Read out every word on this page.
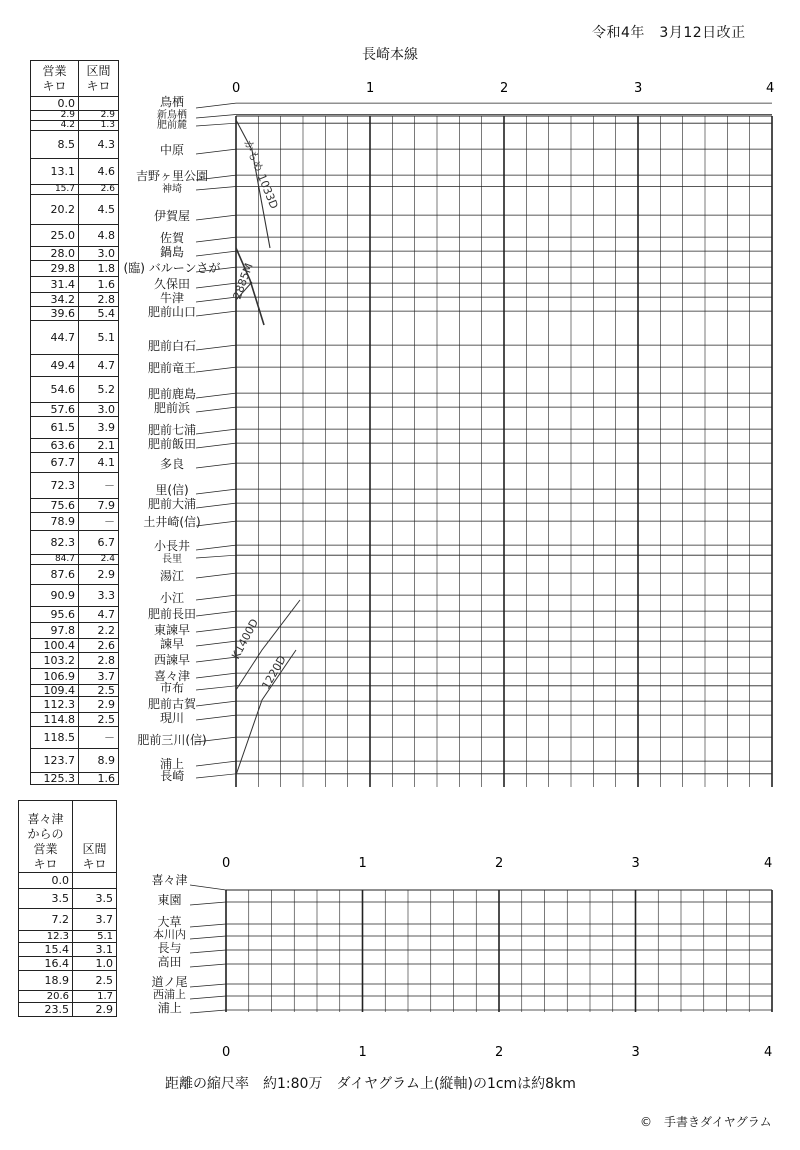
令和4年　3月12日改正
長崎本線
営業
キロ	区間
キロ	
0.0		鳥栖

2.9	2.9	新鳥栖

4.2	1.3	肥前麓

8.5	4.3	中原

13.1	4.6	吉野ヶ里公園

15.7	2.6	神埼

20.2	4.5	伊賀屋

25.0	4.8	佐賀

28.0	3.0	鍋島

29.8	1.8	(臨) バルーンさが

31.4	1.6	久保田

34.2	2.8	牛津

39.6	5.4	肥前山口

44.7	5.1	肥前白石

49.4	4.7	肥前竜王

54.6	5.2	肥前鹿島

57.6	3.0	肥前浜

61.5	3.9	肥前七浦

63.6	2.1	肥前飯田

67.7	4.1	多良

72.3	－	里(信)

75.6	7.9	肥前大浦

78.9	－	土井崎(信)

82.3	6.7	小長井

84.7	2.4	長里

87.6	2.9	湯江

90.9	3.3	小江

95.6	4.7	肥前長田

97.8	2.2	東諫早

100.4	2.6	諫早

103.2	2.8	西諫早

106.9	3.7	喜々津

109.4	2.5	市布

112.3	2.9	肥前古賀

114.8	2.5	現川

118.5	－	肥前三川(信)

123.7	8.9	浦上

125.3	1.6	長崎
喜々津
からの
営業
キロ	区間
キロ	
0.0		喜々津

3.5	3.5	東園

7.2	3.7	大草

12.3	5.1	本川内

15.4	3.1	長与

16.4	1.0	高田

18.9	2.5	道ノ尾

20.6	1.7	西浦上

23.5	2.9	浦上
0	1	2	3	4
0
0
1
1
2
2
3
3
4
4
かもめ 1033D
2885M
K1400D
1220D
距離の縮尺率　約1:80万　ダイヤグラム上(縦軸)の1cmは約8km
©　手書きダイヤグラム
